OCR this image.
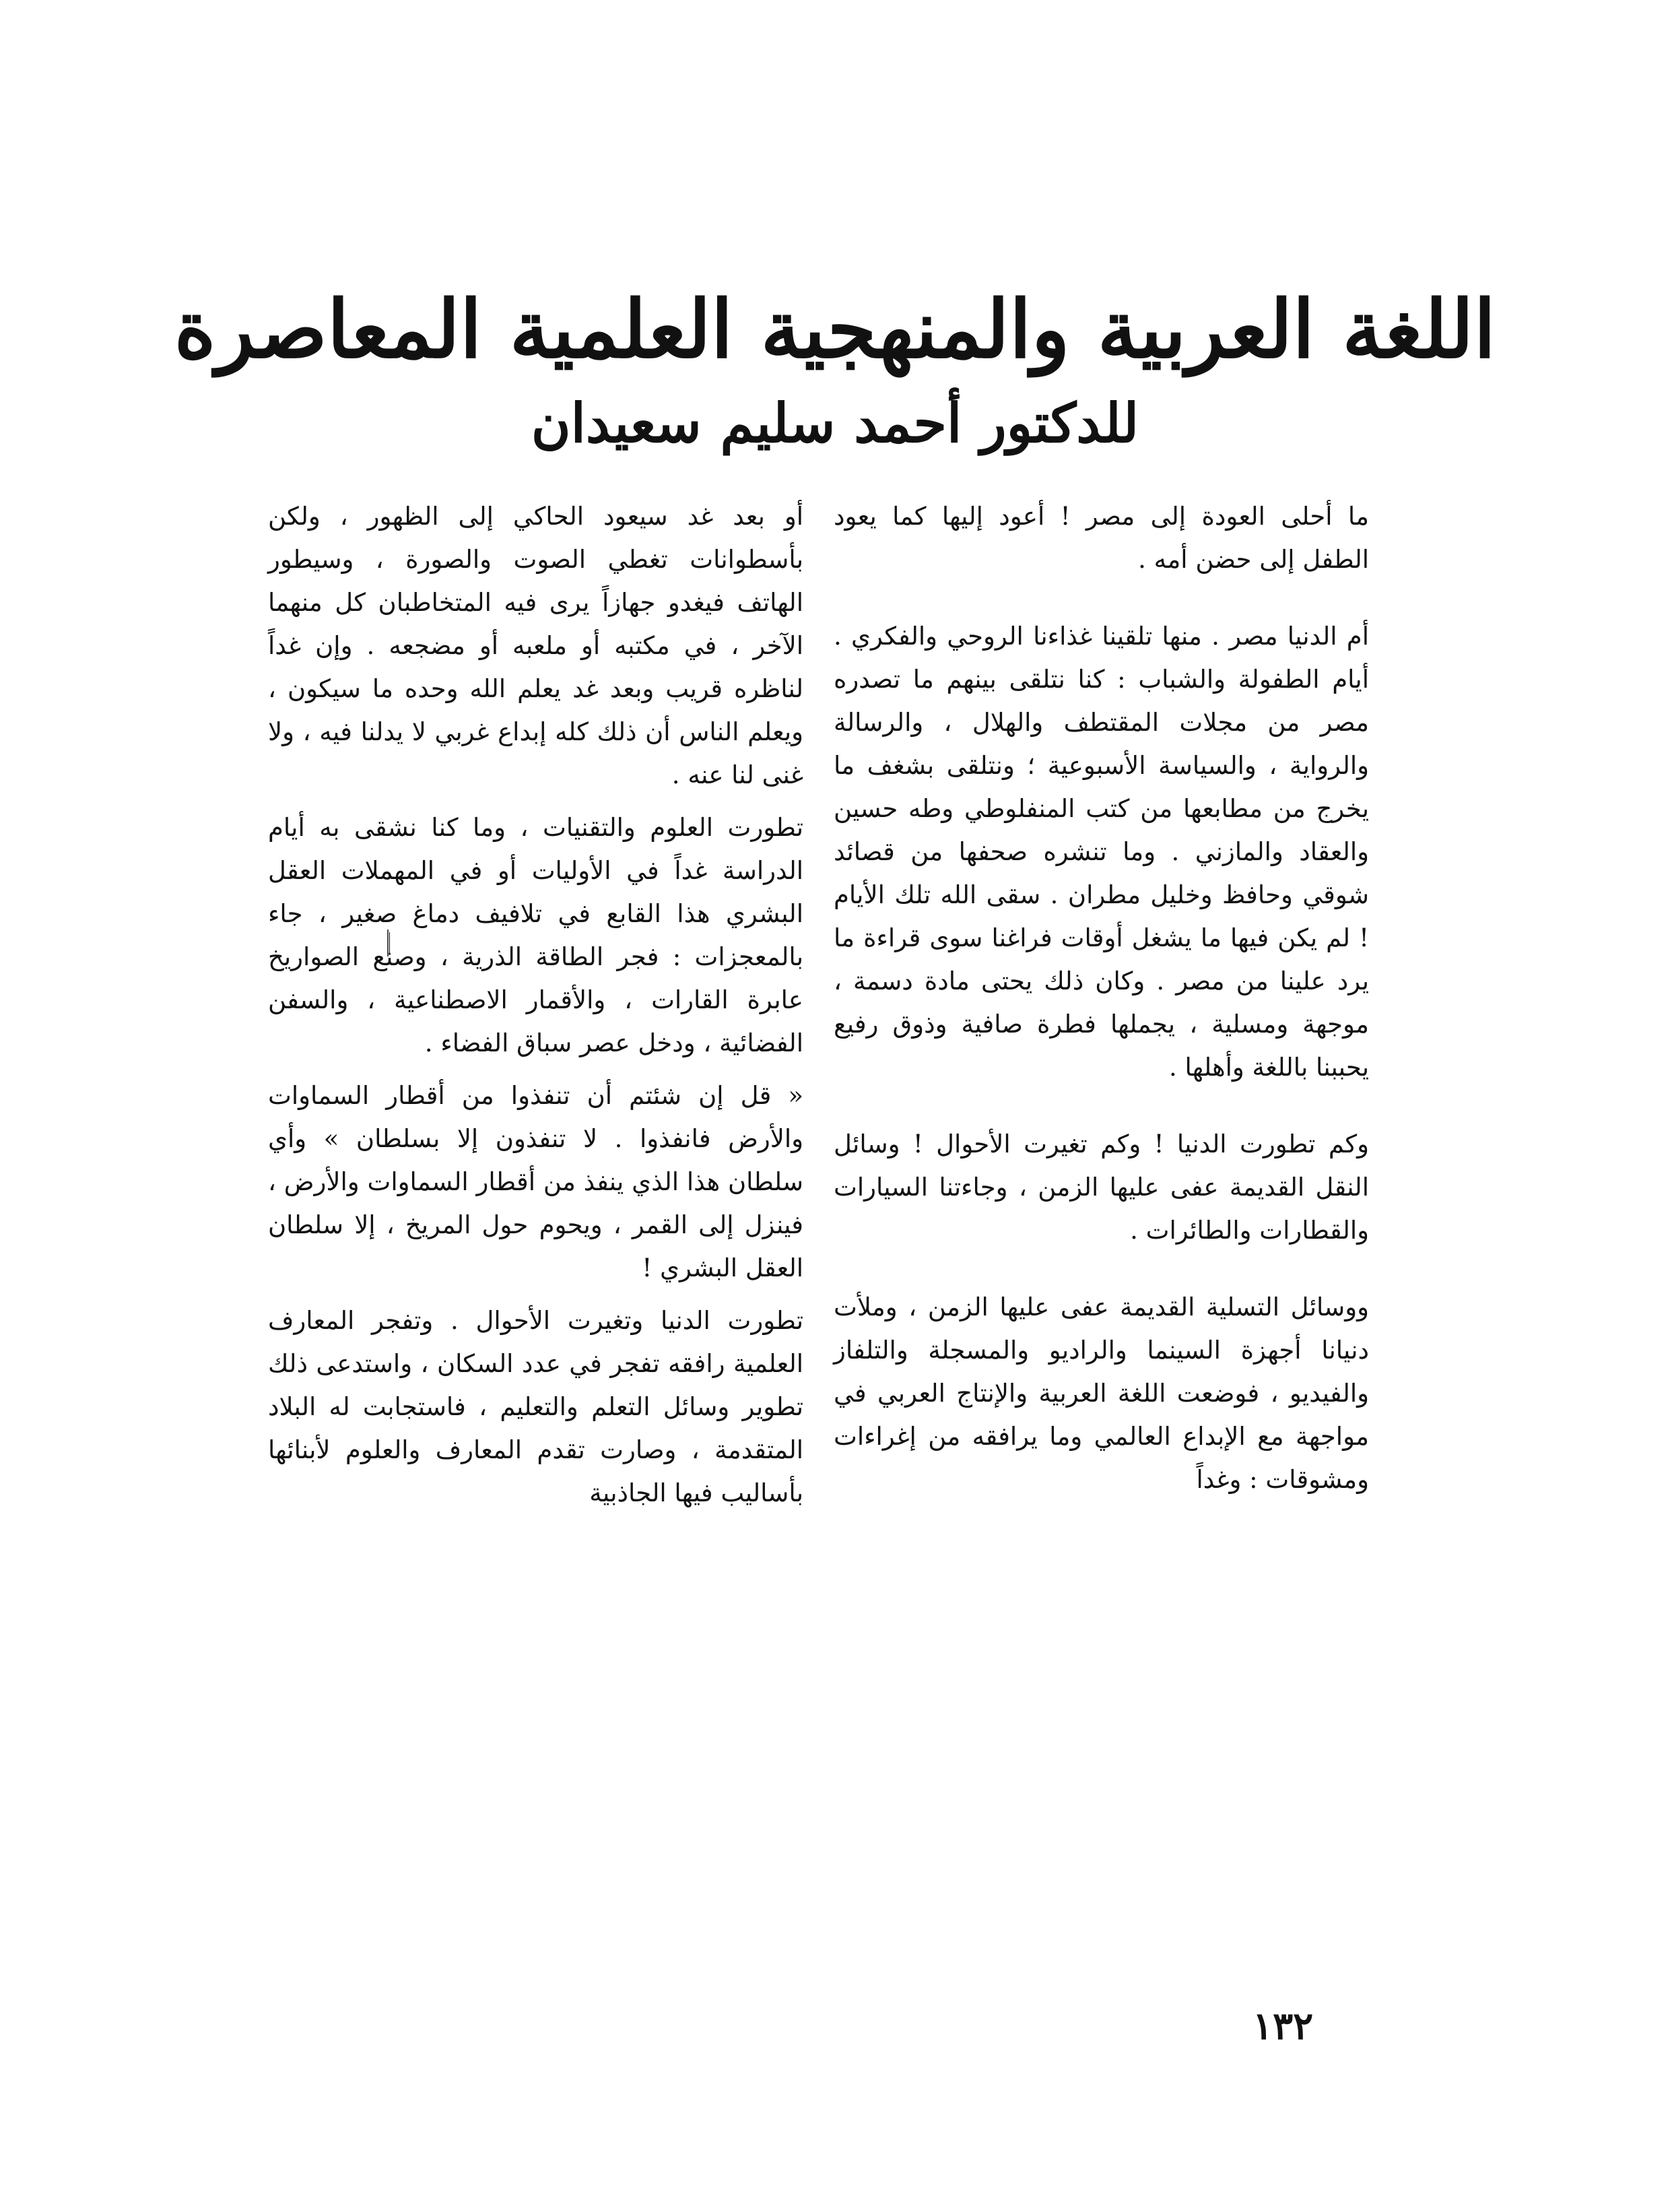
اللغة العربية والمنهجية العلمية المعاصرة
للدكتور أحمد سليم سعيدان

ما أحلى العودة إلى مصر ! أعود إليها كما يعود الطفل إلى حضن أمه .

أم الدنيا مصر . منها تلقينا غذاءنا الروحي والفكري . أيام الطفولة والشباب : كنا نتلقى بينهم ما تصدره مصر من مجلات المقتطف والهلال ، والرسالة والرواية ، والسياسة الأسبوعية ؛ ونتلقى بشغف ما يخرج من مطابعها من كتب المنفلوطي وطه حسين والعقاد والمازني . وما تنشره صحفها من قصائد شوقي وحافظ وخليل مطران . سقى الله تلك الأيام ! لم يكن فيها ما يشغل أوقات فراغنا سوى قراءة ما يرد علينا من مصر . وكان ذلك يحتى مادة دسمة ، موجهة ومسلية ، يجملها فطرة صافية وذوق رفيع يحببنا باللغة وأهلها .

وكم تطورت الدنيا ! وكم تغيرت الأحوال ! وسائل النقل القديمة عفى عليها الزمن ، وجاءتنا السيارات والقطارات والطائرات .

ووسائل التسلية القديمة عفى عليها الزمن ، وملأت دنيانا أجهزة السينما والراديو والمسجلة والتلفاز والفيديو ، فوضعت اللغة العربية والإنتاج العربي في مواجهة مع الإبداع العالمي وما يرافقه من إغراءات ومشوقات : وغداً

أو بعد غد سيعود الحاكي إلى الظهور ، ولكن بأسطوانات تغطي الصوت والصورة ، وسيطور الهاتف فيغدو جهازاً يرى فيه المتخاطبان كل منهما الآخر ، في مكتبه أو ملعبه أو مضجعه . وإن غداً لناظره قريب وبعد غد يعلم الله وحده ما سيكون ، ويعلم الناس أن ذلك كله إبداع غربي لا يدلنا فيه ، ولا غنى لنا عنه .

تطورت العلوم والتقنيات ، وما كنا نشقى به أيام الدراسة غداً في الأوليات أو في المهملات العقل البشري هذا القابع في تلافيف دماغ صغير ، جاء بالمعجزات : فجر الطاقة الذرية ، وصنع الصواريخ عابرة القارات ، والأقمار الاصطناعية ، والسفن الفضائية ، ودخل عصر سباق الفضاء .

« قل إن شئتم أن تنفذوا من أقطار السماوات والأرض فانفذوا . لا تنفذون إلا بسلطان » وأي سلطان هذا الذي ينفذ من أقطار السماوات والأرض ، فينزل إلى القمر ، ويحوم حول المريخ ، إلا سلطان العقل البشري !

تطورت الدنيا وتغيرت الأحوال . وتفجر المعارف العلمية رافقه تفجر في عدد السكان ، واستدعى ذلك تطوير وسائل التعلم والتعليم ، فاستجابت له البلاد المتقدمة ، وصارت تقدم المعارف والعلوم لأبنائها بأساليب فيها الجاذبية

١٣٢
